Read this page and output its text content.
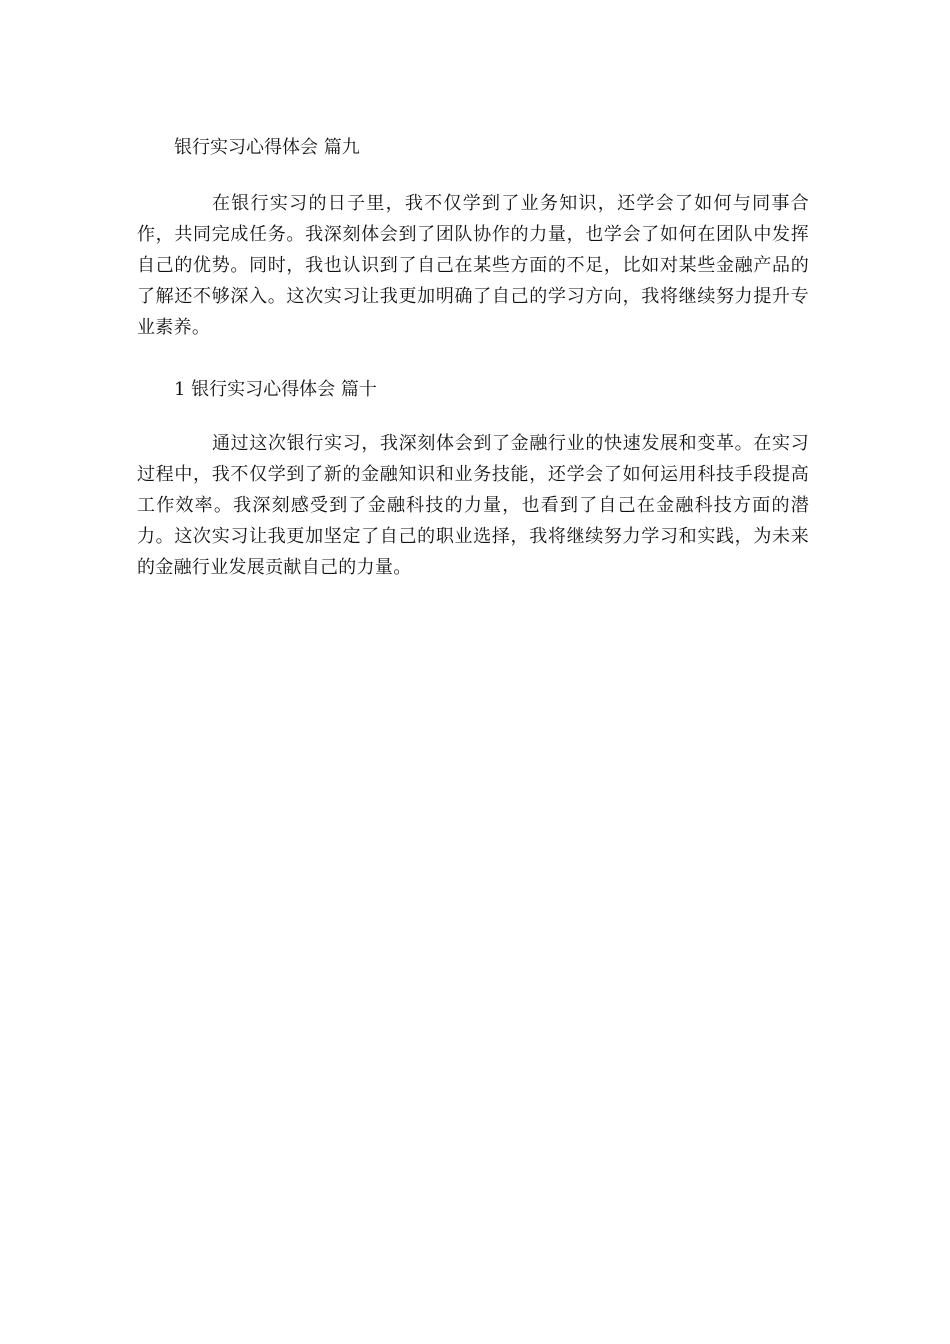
银行实习心得体会 篇九
在银行实习的日子里，我不仅学到了业务知识，还学会了如何与同事合作，共同完成任务。我深刻体会到了团队协作的力量，也学会了如何在团队中发挥自己的优势。同时，我也认识到了自己在某些方面的不足，比如对某些金融产品的了解还不够深入。这次实习让我更加明确了自己的学习方向，我将继续努力提升专业素养。
1 银行实习心得体会 篇十
通过这次银行实习，我深刻体会到了金融行业的快速发展和变革。在实习过程中，我不仅学到了新的金融知识和业务技能，还学会了如何运用科技手段提高工作效率。我深刻感受到了金融科技的力量，也看到了自己在金融科技方面的潜力。这次实习让我更加坚定了自己的职业选择，我将继续努力学习和实践，为未来的金融行业发展贡献自己的力量。
